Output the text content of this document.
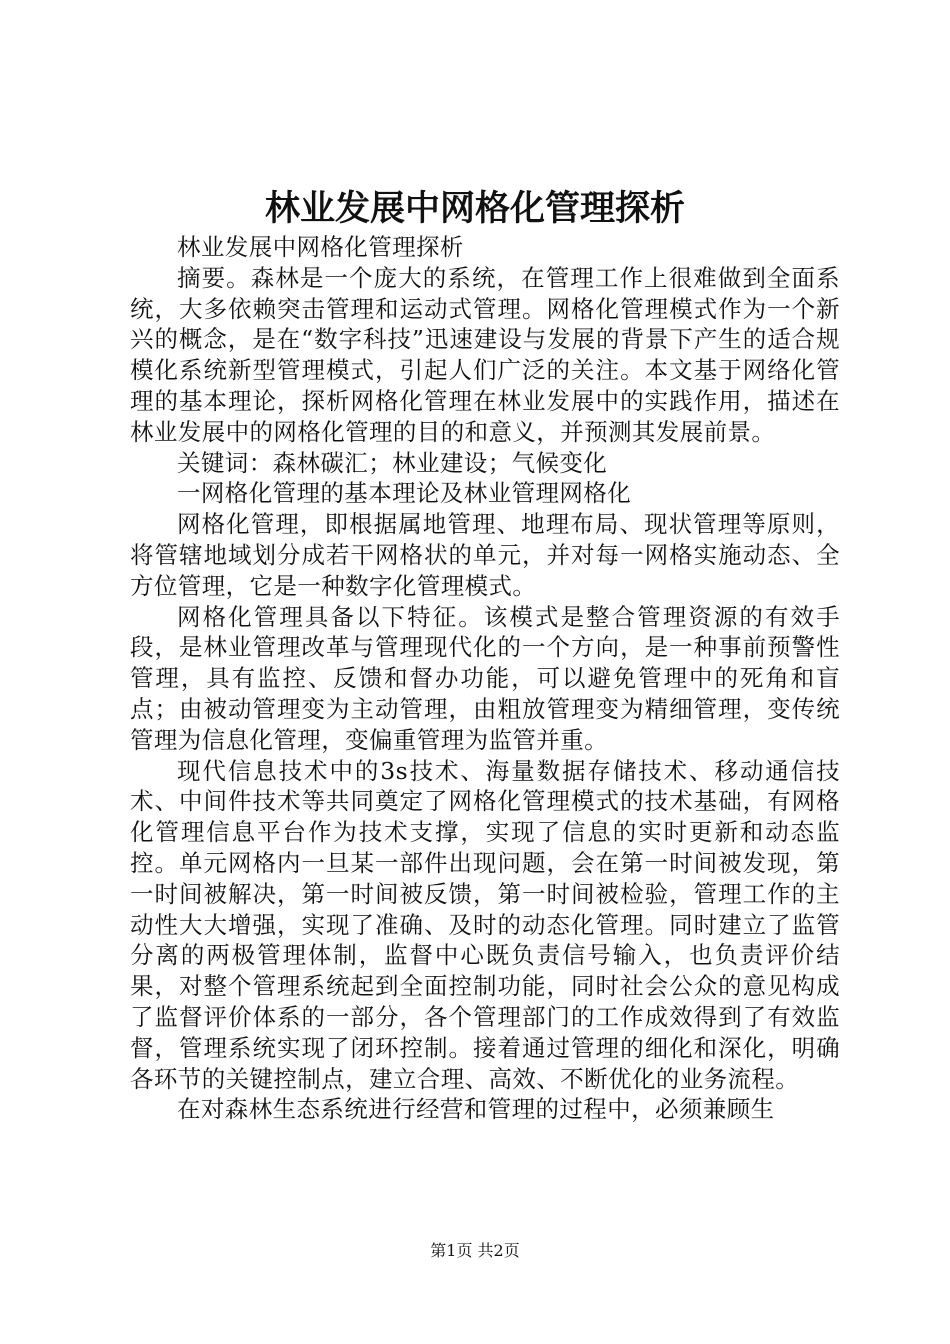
林业发展中网格化管理探析

林业发展中网格化管理探析

摘要。森林是一个庞大的系统，在管理工作上很难做到全面系统，大多依赖突击管理和运动式管理。网格化管理模式作为一个新兴的概念，是在“数字科技”迅速建设与发展的背景下产生的适合规模化系统新型管理模式，引起人们广泛的关注。本文基于网络化管理的基本理论，探析网格化管理在林业发展中的实践作用，描述在林业发展中的网格化管理的目的和意义，并预测其发展前景。

关键词：森林碳汇；林业建设；气候变化

一网格化管理的基本理论及林业管理网格化

网格化管理，即根据属地管理、地理布局、现状管理等原则，将管辖地域划分成若干网格状的单元，并对每一网格实施动态、全方位管理，它是一种数字化管理模式。

网格化管理具备以下特征。该模式是整合管理资源的有效手段，是林业管理改革与管理现代化的一个方向，是一种事前预警性管理，具有监控、反馈和督办功能，可以避免管理中的死角和盲点；由被动管理变为主动管理，由粗放管理变为精细管理，变传统管理为信息化管理，变偏重管理为监管并重。

现代信息技术中的3s技术、海量数据存储技术、移动通信技术、中间件技术等共同奠定了网格化管理模式的技术基础，有网格化管理信息平台作为技术支撑，实现了信息的实时更新和动态监控。单元网格内一旦某一部件出现问题，会在第一时间被发现，第一时间被解决，第一时间被反馈，第一时间被检验，管理工作的主动性大大增强，实现了准确、及时的动态化管理。同时建立了监管分离的两极管理体制，监督中心既负责信号输入，也负责评价结果，对整个管理系统起到全面控制功能，同时社会公众的意见构成了监督评价体系的一部分，各个管理部门的工作成效得到了有效监督，管理系统实现了闭环控制。接着通过管理的细化和深化，明确各环节的关键控制点，建立合理、高效、不断优化的业务流程。

在对森林生态系统进行经营和管理的过程中，必须兼顾生

第1页 共2页
